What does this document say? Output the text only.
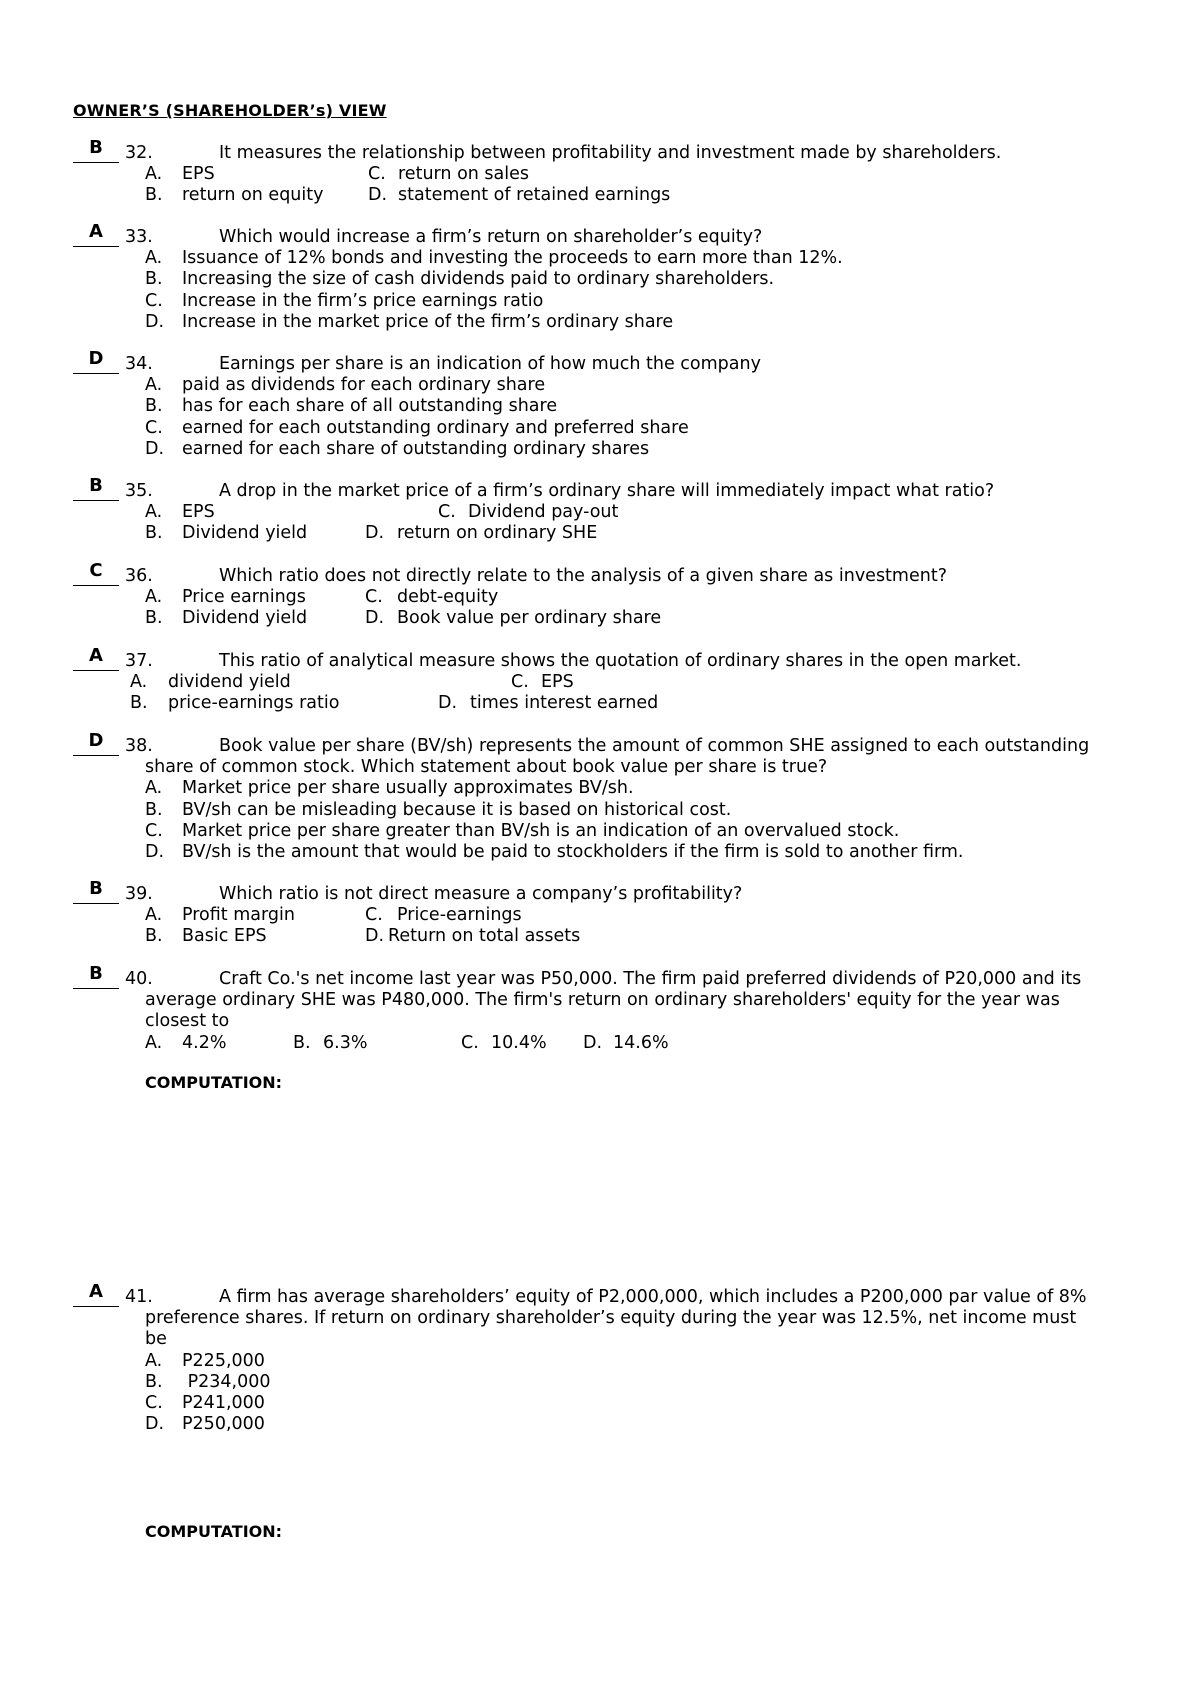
OWNER’S (SHAREHOLDER’s) VIEW
B	32.	It measures the relationship between profitability and investment made by shareholders.
A. EPS	C. return on sales
B. return on equity	D. statement of retained earnings
A	33.	Which would increase a firm’s return on shareholder’s equity?
A. Issuance of 12% bonds and investing the proceeds to earn more than 12%.
B. Increasing the size of cash dividends paid to ordinary shareholders.
C. Increase in the firm’s price earnings ratio
D. Increase in the market price of the firm’s ordinary share
D	34.	Earnings per share is an indication of how much the company
A. paid as dividends for each ordinary share
B. has for each share of all outstanding share
C. earned for each outstanding ordinary and preferred share
D. earned for each share of outstanding ordinary shares
B	35.	A drop in the market price of a firm’s ordinary share will immediately impact what ratio?
A. EPS	C. Dividend pay-out
B. Dividend yield	D. return on ordinary SHE
C	36.	Which ratio does not directly relate to the analysis of a given share as investment?
A. Price earnings	C. debt-equity
B. Dividend yield	D. Book value per ordinary share
A	37.	This ratio of analytical measure shows the quotation of ordinary shares in the open market.
A. dividend yield	C. EPS
B. price-earnings ratio	D. times interest earned
D	38.	Book value per share (BV/sh) represents the amount of common SHE assigned to each outstanding
share of common stock. Which statement about book value per share is true?
A. Market price per share usually approximates BV/sh.
B. BV/sh can be misleading because it is based on historical cost.
C. Market price per share greater than BV/sh is an indication of an overvalued stock.
D. BV/sh is the amount that would be paid to stockholders if the firm is sold to another firm.
B	39.	Which ratio is not direct measure a company’s profitability?
A. Profit margin	C. Price-earnings
B. Basic EPS	D. Return on total assets
B	40.	Craft Co.'s net income last year was P50,000. The firm paid preferred dividends of P20,000 and its
average ordinary SHE was P480,000. The firm's return on ordinary shareholders' equity for the year was
closest to
A. 4.2%	B. 6.3%	C. 10.4% D. 14.6%
COMPUTATION:
A	41.	A firm has average shareholders’ equity of P2,000,000, which includes a P200,000 par value of 8%
preference shares. If return on ordinary shareholder’s equity during the year was 12.5%, net income must
be
A. P225,000
B. P234,000
C. P241,000
D. P250,000
COMPUTATION:
